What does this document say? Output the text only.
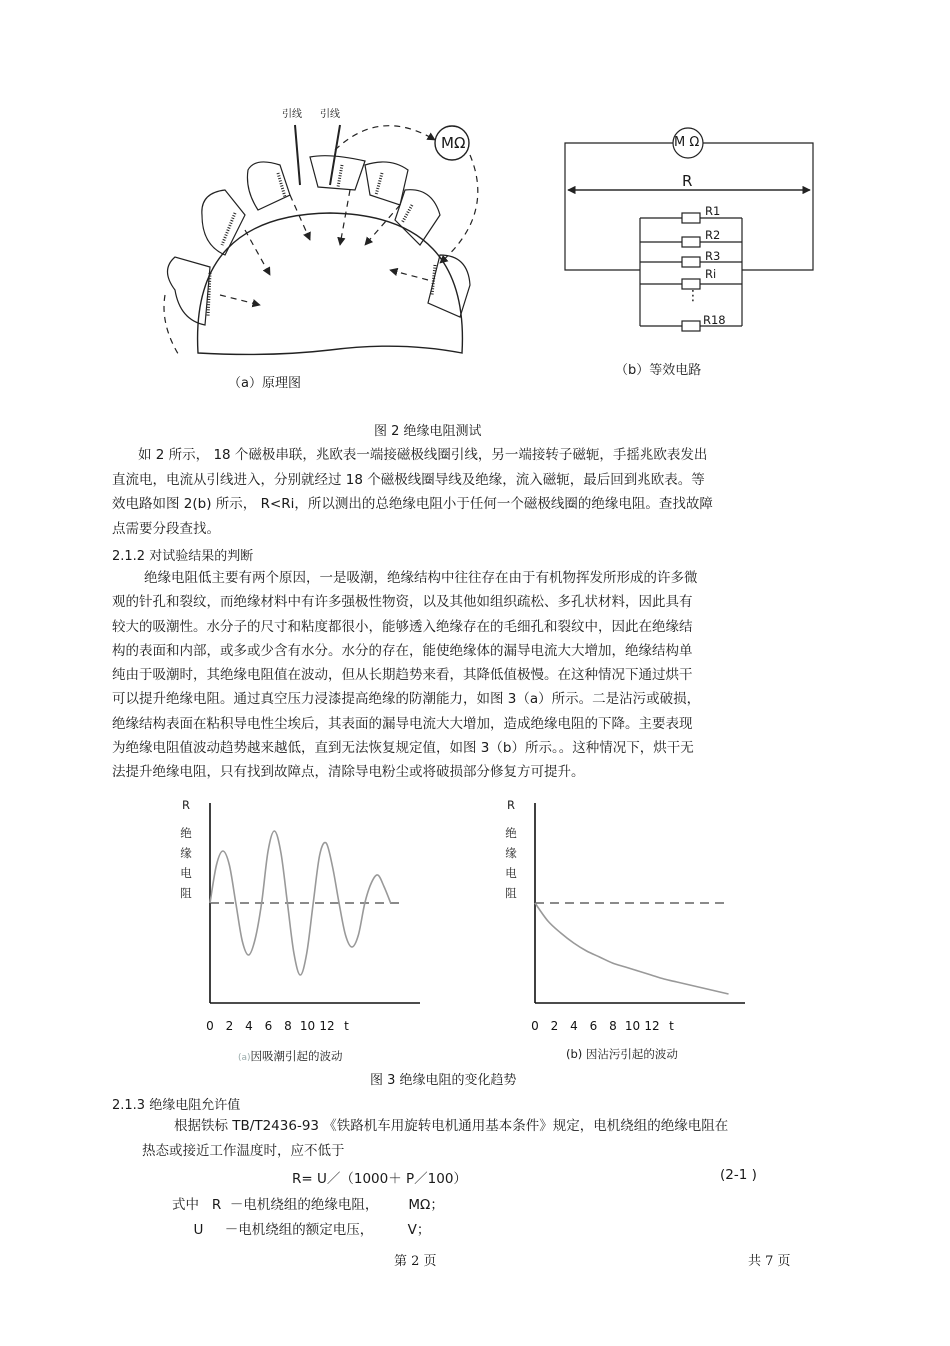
引线 引线
MΩ
（a）原理图
M Ω
R
R1
R2
R3
Ri
⋮
R18
（b）等效电路
图 2 绝缘电阻测试

如 2 所示， 18 个磁极串联，兆欧表一端接磁极线圈引线，另一端接转子磁轭，手摇兆欧表发出

直流电，电流从引线进入，分别就经过 18 个磁极线圈导线及绝缘，流入磁轭，最后回到兆欧表。等

效电路如图 2(b) 所示， R<Ri，所以测出的总绝缘电阻小于任何一个磁极线圈的绝缘电阻。查找故障

点需要分段查找。

2.1.2 对试验结果的判断

绝缘电阻低主要有两个原因，一是吸潮，绝缘结构中往往存在由于有机物挥发所形成的许多微

观的针孔和裂纹，而绝缘材料中有许多强极性物资，以及其他如组织疏松、多孔状材料，因此具有

较大的吸潮性。水分子的尺寸和粘度都很小，能够透入绝缘存在的毛细孔和裂纹中，因此在绝缘结

构的表面和内部，或多或少含有水分。水分的存在，能使绝缘体的漏导电流大大增加，绝缘结构单

纯由于吸潮时，其绝缘电阻值在波动，但从长期趋势来看，其降低值极慢。在这种情况下通过烘干

可以提升绝缘电阻。通过真空压力浸漆提高绝缘的防潮能力，如图 3（a）所示。二是沾污或破损，

绝缘结构表面在粘积导电性尘埃后，其表面的漏导电流大大增加，造成绝缘电阻的下降。主要表现

为绝缘电阻值波动趋势越来越低，直到无法恢复规定值，如图 3（b）所示。。这种情况下，烘干无

法提升绝缘电阻，只有找到故障点，清除导电粉尘或将破损部分修复方可提升。

R
绝
缘
电
阻
0 2 4 6 8 10 12 t
R
绝
缘
电
阻
0 2 4 6 8 10 12 t
(a)因吸潮引起的波动	(b) 因沾污引起的波动
图 3 绝缘电阻的变化趋势
2.1.3 绝缘电阻允许值

根据铁标 TB/T2436-93 《铁路机车用旋转电机通用基本条件》规定，电机绕组的绝缘电阻在

热态或接近工作温度时，应不低于

R= U／（1000＋ P／100）	(2-1 )
式中   R  －电机绕组的绝缘电阻，       MΩ；
U     －电机绕组的额定电压，        V；
第 2 页	共 7 页
